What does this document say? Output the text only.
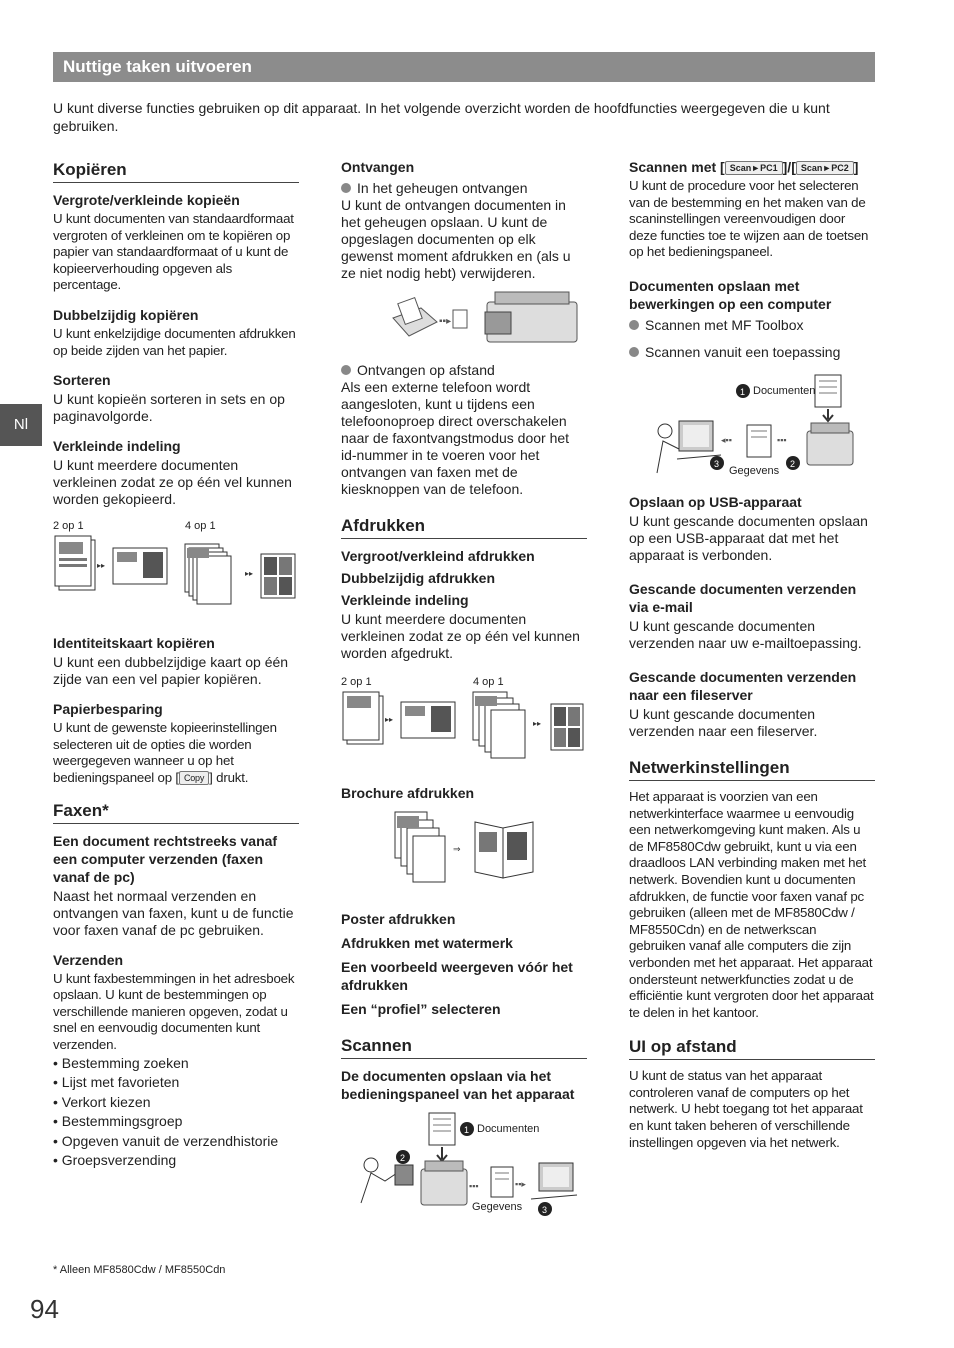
Nuttige taken uitvoeren
U kunt diverse functies gebruiken op dit apparaat. In het volgende overzicht worden de hoofdfuncties weergegeven die u kunt gebruiken.
Nl
Kopiëren
Vergrote/verkleinde kopieën

U kunt documenten van standaardformaat vergroten of verkleinen om te kopiëren op papier van standaardformaat of u kunt de kopieerverhouding opgeven als percentage.

Dubbelzijdig kopiëren

U kunt enkelzijdige documenten afdrukken op beide zijden van het papier.

Sorteren

U kunt kopieën sorteren in sets en op paginavolgorde.

Verkleinde indeling

U kunt meerdere documenten verkleinen zodat ze op één vel kunnen worden gekopieerd.

2 op 1	4 op 1
▸▸
▸▸
Identiteitskaart kopiëren

U kunt een dubbelzijdige kaart op één zijde van een vel papier kopiëren.

Papierbesparing

U kunt de gewenste kopieerinstellingen selecteren uit de opties die worden weergegeven wanneer u op het bedieningspaneel op [ Copy ] drukt.

Faxen*
Een document rechtstreeks vanaf een computer verzenden (faxen vanaf de pc)

Naast het normaal verzenden en ontvangen van faxen, kunt u de functie voor faxen vanaf de pc gebruiken.

Verzenden

U kunt faxbestemmingen in het adresboek opslaan. U kunt de bestemmingen op verschillende manieren opgeven, zodat u snel en eenvoudig documenten kunt verzenden.

• Bestemming zoeken
• Lijst met favorieten
• Verkort kiezen
• Bestemmingsgroep
• Opgeven vanuit de verzendhistorie
• Groepsverzending
Ontvangen
In het geheugen ontvangen

U kunt de ontvangen documenten in het geheugen opslaan. U kunt de opgeslagen documenten op elk gewenst moment afdrukken en (als u ze niet nodig hebt) verwijderen.

▪▪▸
Ontvangen op afstand

Als een externe telefoon wordt aangesloten, kunt u tijdens een telefoonoproep direct overschakelen naar de faxontvangstmodus door het id-nummer in te voeren voor het ontvangen van faxen met de kiesknoppen van de telefoon.

Afdrukken
Vergroot/verkleind afdrukken
Dubbelzijdig afdrukken
Verkleinde indeling

U kunt meerdere documenten verkleinen zodat ze op één vel kunnen worden afgedrukt.

2 op 1	4 op 1
▸▸	▸▸
Brochure afdrukken
⇒
Poster afdrukken
Afdrukken met watermerk
Een voorbeeld weergeven vóór het afdrukken
Een “profiel” selecteren
Scannen
De documenten opslaan via het bedieningspaneel van het apparaat
1
2
▪▪▪	▪▪▸
3
Documenten
Gegevens
Scannen met [ Scan►PC1 ]/[ Scan►PC2 ]

U kunt de procedure voor het selecteren van de bestemming en het maken van de scaninstellingen vereenvoudigen door deze functies toe te wijzen aan de toetsen op het bedieningspaneel.

Documenten opslaan met bewerkingen op een computer
Scannen met MF Toolbox
Scannen vanuit een toepassing
1
◂▪▪	▪▪▪
3	2
Documenten
Gegevens
Opslaan op USB-apparaat

U kunt gescande documenten opslaan op een USB-apparaat dat met het apparaat is verbonden.

Gescande documenten verzenden via e-mail

U kunt gescande documenten verzenden naar uw e-mailtoepassing.

Gescande documenten verzenden naar een fileserver

U kunt gescande documenten verzenden naar een fileserver.

Netwerkinstellingen

Het apparaat is voorzien van een netwerkinterface waarmee u eenvoudig een netwerkomgeving kunt maken. Als u de MF8580Cdw gebruikt, kunt u via een draadloos LAN verbinding maken met het netwerk. Bovendien kunt u documenten afdrukken, de functie voor faxen vanaf pc gebruiken (alleen met de MF8580Cdw / MF8550Cdn) en de netwerkscan gebruiken vanaf alle computers die zijn verbonden met het apparaat. Het apparaat ondersteunt netwerkfuncties zodat u de efficiëntie kunt vergroten door het apparaat te delen in het kantoor.

UI op afstand

U kunt de status van het apparaat controleren vanaf de computers op het netwerk. U hebt toegang tot het apparaat en kunt taken beheren of verschillende instellingen opgeven via het netwerk.

* Alleen MF8580Cdw / MF8550Cdn
94
